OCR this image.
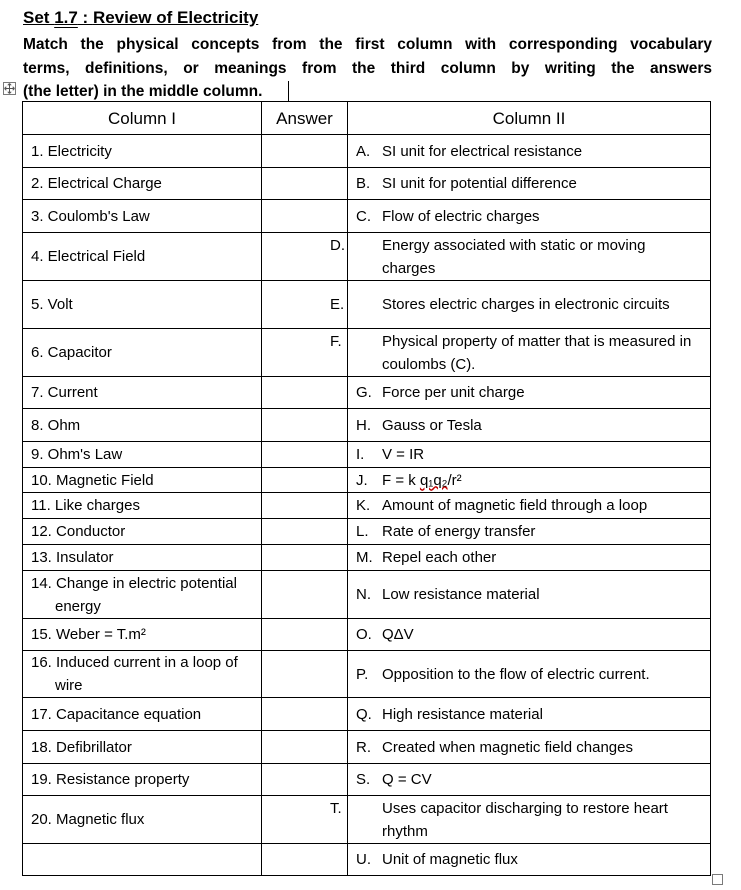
Set 1.7 : Review of Electricity
Match the physical concepts from the first column with corresponding vocabulary
terms, definitions, or meanings from the third column by writing the answers
(the letter) in the middle column.
Column I	Answer	Column II
1. Electricity		A. SI unit for electrical resistance
2. Electrical Charge		B. SI unit for potential difference
3. Coulomb's Law		C. Flow of electric charges
4. Electrical Field		D. Energy associated with static or moving charges

5. Volt		E. Stores electric charges in electronic circuits

6. Capacitor		F. Physical property of matter that is measured in coulombs (C).

7. Current		G. Force per unit charge
8. Ohm		H. Gauss or Tesla
9. Ohm's Law		I. V = IR
10. Magnetic Field		J. F = k q₁q₂/r²
11. Like charges		K. Amount of magnetic field through a loop
12. Conductor		L. Rate of energy transfer
13. Insulator		M. Repel each other

14. Change in electric potential energy		N. Low resistance material
15. Weber = T.m²		O. QΔV

16. Induced current in a loop of wire		P. Opposition to the flow of electric current.
17. Capacitance equation		Q. High resistance material
18. Defibrillator		R. Created when magnetic field changes
19. Resistance property		S. Q = CV
20. Magnetic flux		T. Uses capacitor discharging to restore heart rhythm

		U. Unit of magnetic flux
